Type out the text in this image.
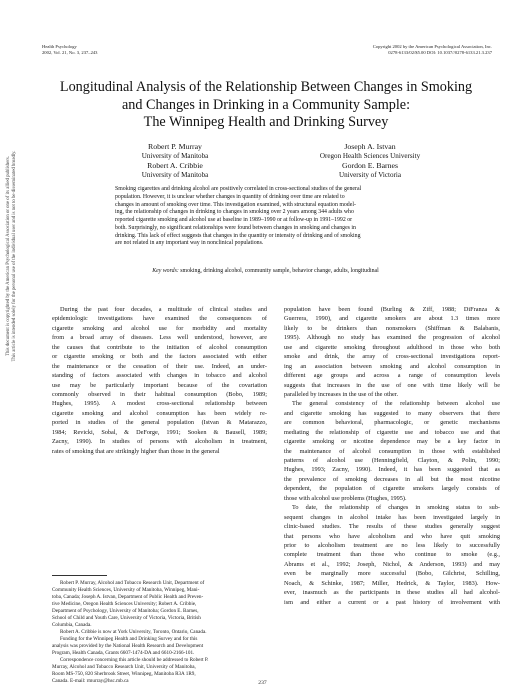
Health Psychology
2002, Vol. 21, No. 3, 237–243
Copyright 2002 by the American Psychological Association, Inc.
0278-6133/02/$5.00 DOI: 10.1037//0278-6133.21.3.237
Longitudinal Analysis of the Relationship Between Changes in Smoking
and Changes in Drinking in a Community Sample:
The Winnipeg Health and Drinking Survey
Robert P. Murray
University of Manitoba
Joseph A. Istvan
Oregon Health Sciences University
Robert A. Cribbie
University of Manitoba
Gordon E. Barnes
University of Victoria
Smoking cigarettes and drinking alcohol are positively correlated in cross-sectional studies of the general
population. However, it is unclear whether changes in quantity of drinking over time are related to
changes in amount of smoking over time. This investigation examined, with structural equation model-
ing, the relationship of changes in drinking to changes in smoking over 2 years among 344 adults who
reported cigarette smoking and alcohol use at baseline in 1989–1990 or at follow-up in 1991–1992 or
both. Surprisingly, no significant relationships were found between changes in smoking and changes in
drinking. This lack of effect suggests that changes in the quantity or intensity of drinking and of smoking
are not related in any important way in nonclinical populations.
Key words: smoking, drinking alcohol, community sample, behavior change, adults, longitudinal
During the past four decades, a multitude of clinical studies and
epidemiologic investigations have examined the consequences of
cigarette smoking and alcohol use for morbidity and mortality
from a broad array of diseases. Less well understood, however, are
the causes that contribute to the initiation of alcohol consumption
or cigarette smoking or both and the factors associated with either
the maintenance or the cessation of their use. Indeed, an under-
standing of factors associated with changes in tobacco and alcohol
use may be particularly important because of the covariation
commonly observed in their habitual consumption (Bobo, 1989;
Hughes, 1995). A modest cross-sectional relationship between
cigarette smoking and alcohol consumption has been widely re-
ported in studies of the general population (Istvan & Matarazzo,
1984; Revicki, Sobal, & DeForge, 1991; Sooken & Bausell, 1989;
Zacny, 1990). In studies of persons with alcoholism in treatment,
rates of smoking that are strikingly higher than those in the general
population have been found (Burling & Ziff, 1988; DiFranza &
Guerrera, 1990), and cigarette smokers are about 1.3 times more
likely to be drinkers than nonsmokers (Shiffman & Balabanis,
1995). Although no study has examined the progression of alcohol
use and cigarette smoking throughout adulthood in those who both
smoke and drink, the array of cross-sectional investigations report-
ing an association between smoking and alcohol consumption in
different age groups and across a range of consumption levels
suggests that increases in the use of one with time likely will be
paralleled by increases in the use of the other.
The general consistency of the relationship between alcohol use
and cigarette smoking has suggested to many observers that there
are common behavioral, pharmacologic, or genetic mechanisms
mediating the relationship of cigarette use and tobacco use and that
cigarette smoking or nicotine dependence may be a key factor in
the maintenance of alcohol consumption in those with established
patterns of alcohol use (Henningfield, Clayton, & Polin, 1990;
Hughes, 1993; Zacny, 1990). Indeed, it has been suggested that as
the prevalence of smoking decreases in all but the most nicotine
dependent, the population of cigarette smokers largely consists of
those with alcohol use problems (Hughes, 1995).
To date, the relationship of changes in smoking status to sub-
sequent changes in alcohol intake has been investigated largely in
clinic-based studies. The results of these studies generally suggest
that persons who have alcoholism and who have quit smoking
prior to alcoholism treatment are no less likely to successfully
complete treatment than those who continue to smoke (e.g.,
Abrams et al., 1992; Joseph, Nichol, & Anderson, 1993) and may
even be marginally more successful (Bobo, Gilchrist, Schilling,
Noach, & Schinke, 1987; Miller, Hedrick, & Taylor, 1983). How-
ever, inasmuch as the participants in these studies all had alcohol-
ism and either a current or a past history of involvement with
Robert P. Murray, Alcohol and Tobacco Research Unit, Department of
Community Health Sciences, University of Manitoba, Winnipeg, Mani-
toba, Canada; Joseph A. Istvan, Department of Public Health and Preven-
tive Medicine, Oregon Health Sciences University; Robert A. Cribbie,
Department of Psychology, University of Manitoba; Gordon E. Barnes,
School of Child and Youth Care, University of Victoria, Victoria, British
Columbia, Canada.
Robert A. Cribbie is now at York University, Toronto, Ontario, Canada.
Funding for the Winnipeg Health and Drinking Survey and for this
analysis was provided by the National Health Research and Development
Program, Health Canada, Grants 6607-1474-DA and 6610-2166-101.
Correspondence concerning this article should be addressed to Robert P.
Murray, Alcohol and Tobacco Research Unit, University of Manitoba,
Room MS-750, 820 Sherbrook Street, Winnipeg, Manitoba R3A 1R9,
Canada. E-mail: rmurray@hsc.mb.ca
This document is copyrighted by the American Psychological Association or one of its allied publishers. This article is intended solely for the personal use of the individual user and is not to be disseminated broadly.
237
